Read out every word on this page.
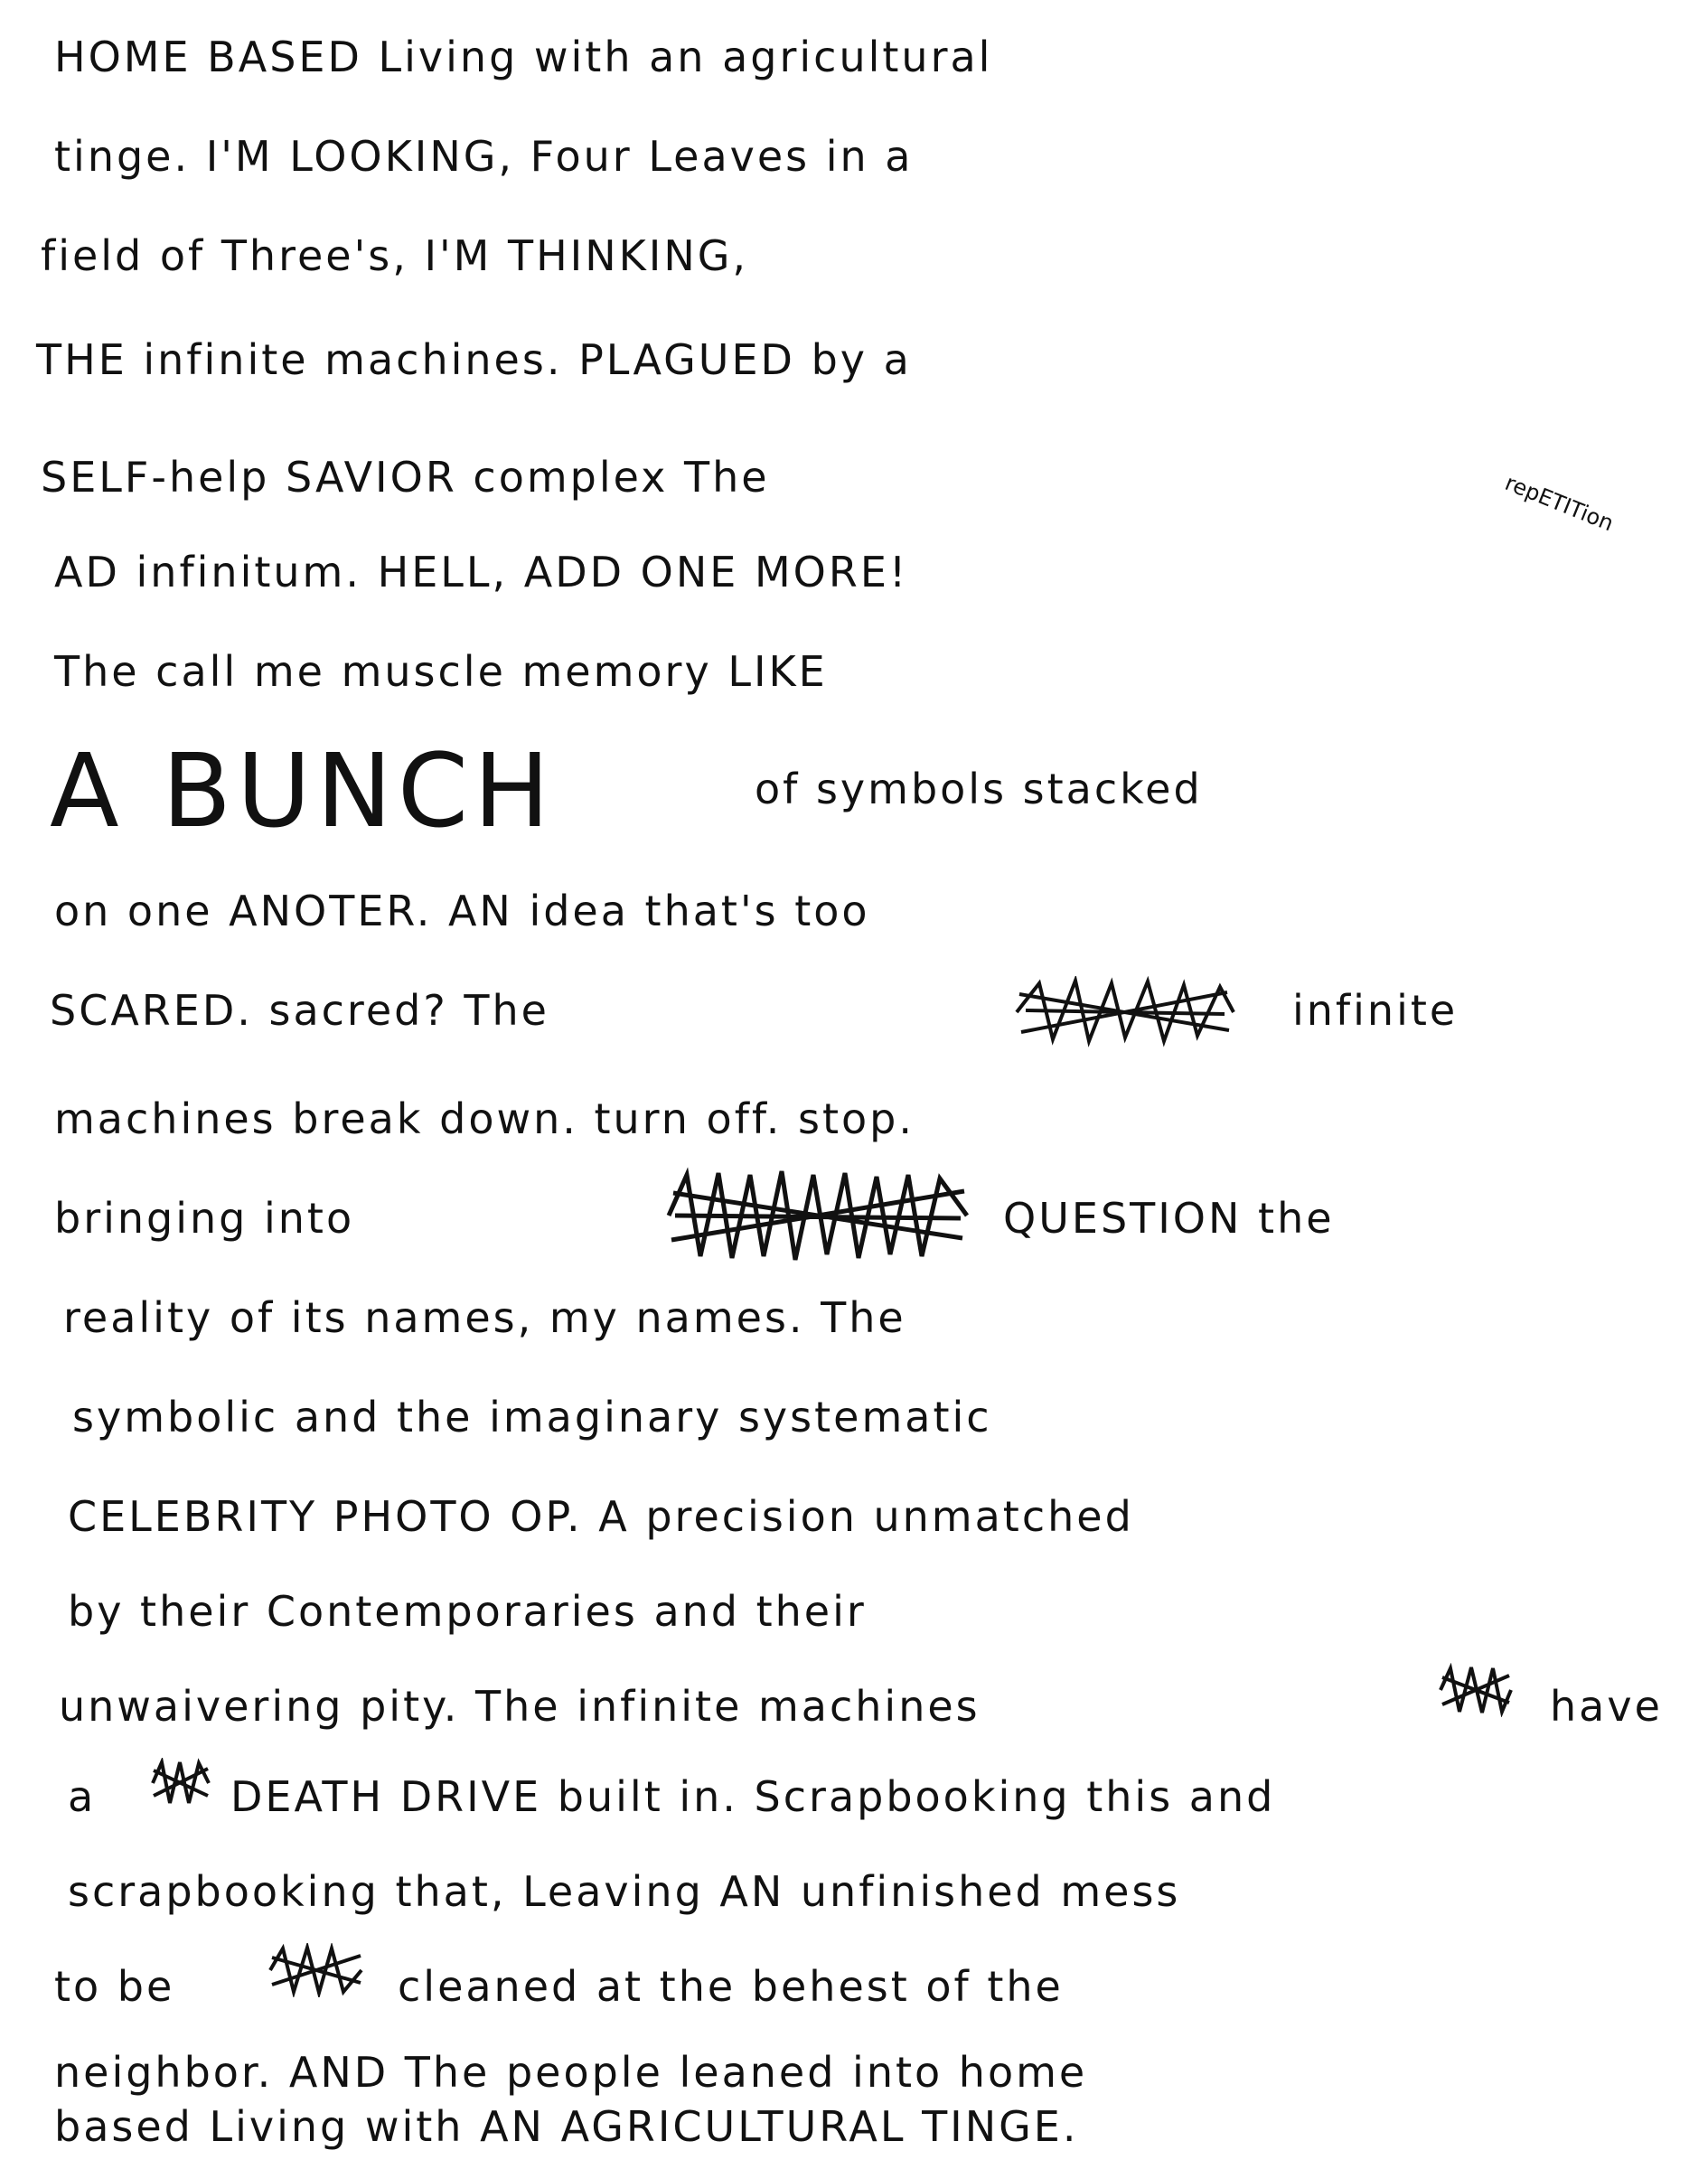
HOME BASED Living with an agricultural
tinge. I'M LOOKING, Four Leaves in a
field of Three's, I'M THINKING,
THE infinite machines. PLAGUED by a
SELF-help SAVIOR complex The	repETITion
AD infinitum. HELL, ADD ONE MORE!
The call me muscle memory LIKE
A BUNCH	of symbols stacked
on one ANOTER. AN idea that's too
SCARED. sacred? The	infinite
machines break down. turn off. stop.
bringing into	QUESTION the
reality of its names, my names. The
symbolic and the imaginary systematic
CELEBRITY PHOTO OP. A precision unmatched
by their Contemporaries and their
unwaivering pity. The infinite machines	have
a	DEATH DRIVE built in. Scrapbooking this and
scrapbooking that, Leaving AN unfinished mess
to be	cleaned at the behest of the
neighbor. AND The people leaned into home
based Living with AN AGRICULTURAL TINGE.
